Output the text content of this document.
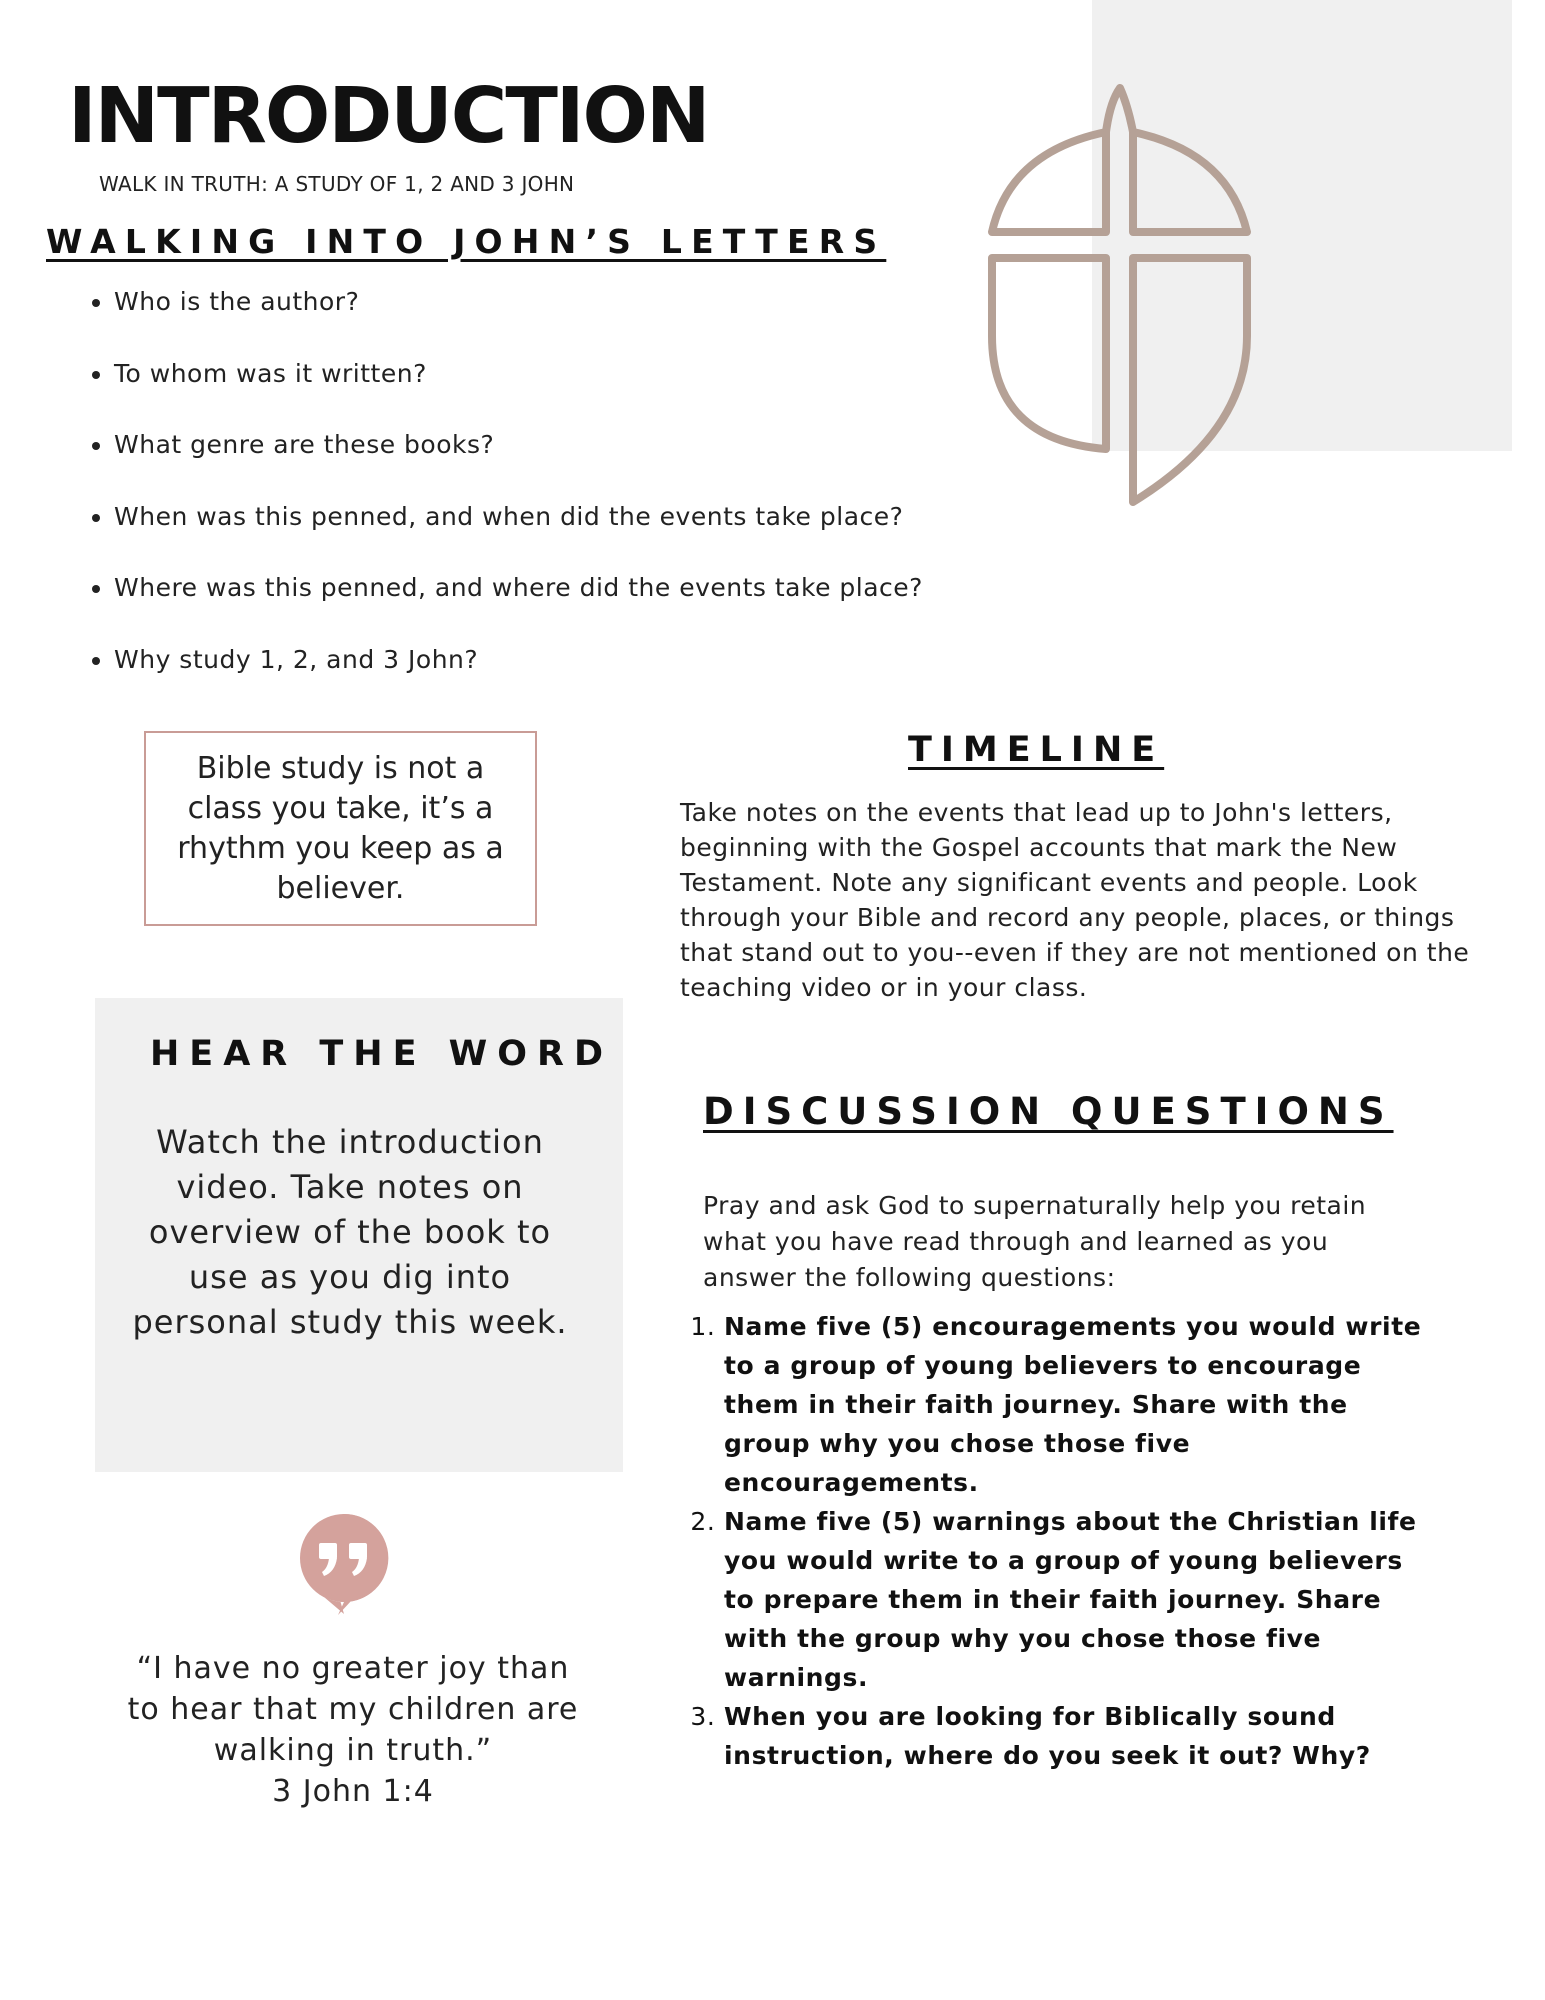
INTRODUCTION
WALK IN TRUTH: A STUDY OF 1, 2 AND 3 JOHN
WALKING INTO JOHN’S LETTERS
• Who is the author?
• To whom was it written?
• What genre are these books?
• When was this penned, and when did the events take place?
• Where was this penned, and where did the events take place?
• Why study 1, 2, and 3 John?
Bible study is not a class you take, it’s a rhythm you keep as a believer.
TIMELINE
Take notes on the events that lead up to John's letters, beginning with the Gospel accounts that mark the New Testament. Note any significant events and people. Look through your Bible and record any people, places, or things that stand out to you--even if they are not mentioned on the teaching video or in your class.
HEAR THE WORD
Watch the introduction video. Take notes on overview of the book to use as you dig into personal study this week.
“I have no greater joy than to hear that my children are walking in truth.”
3 John 1:4
DISCUSSION QUESTIONS
Pray and ask God to supernaturally help you retain what you have read through and learned as you answer the following questions:
1. Name five (5) encouragements you would write to a group of young believers to encourage them in their faith journey. Share with the group why you chose those five encouragements.
2. Name five (5) warnings about the Christian life you would write to a group of young believers to prepare them in their faith journey. Share with the group why you chose those five warnings.
3. When you are looking for Biblically sound instruction, where do you seek it out? Why?
